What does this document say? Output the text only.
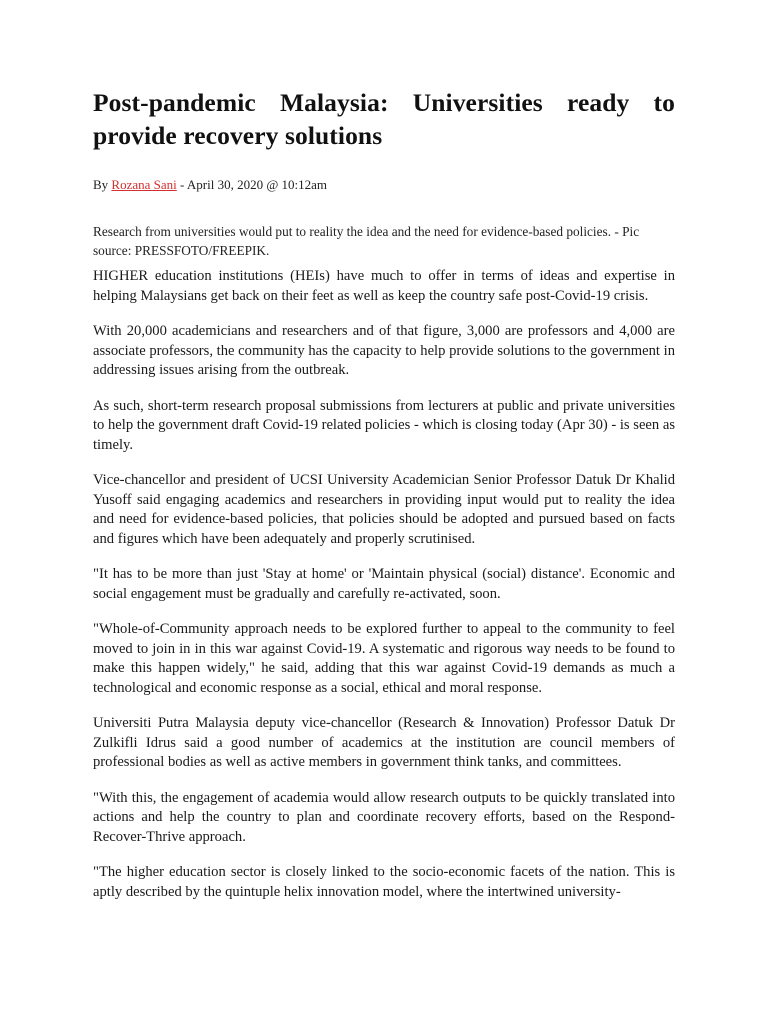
Post-pandemic Malaysia: Universities ready to provide recovery solutions
By Rozana Sani - April 30, 2020 @ 10:12am
Research from universities would put to reality the idea and the need for evidence-based policies. - Pic source: PRESSFOTO/FREEPIK.

HIGHER education institutions (HEIs) have much to offer in terms of ideas and expertise in helping Malaysians get back on their feet as well as keep the country safe post-Covid-19 crisis.

With 20,000 academicians and researchers and of that figure, 3,000 are professors and 4,000 are associate professors, the community has the capacity to help provide solutions to the government in addressing issues arising from the outbreak.

As such, short-term research proposal submissions from lecturers at public and private universities to help the government draft Covid-19 related policies - which is closing today (Apr 30) - is seen as timely.

Vice-chancellor and president of UCSI University Academician Senior Professor Datuk Dr Khalid Yusoff said engaging academics and researchers in providing input would put to reality the idea and need for evidence-based policies, that policies should be adopted and pursued based on facts and figures which have been adequately and properly scrutinised.

"It has to be more than just 'Stay at home' or 'Maintain physical (social) distance'. Economic and social engagement must be gradually and carefully re-activated, soon.

"Whole-of-Community approach needs to be explored further to appeal to the community to feel moved to join in in this war against Covid-19. A systematic and rigorous way needs to be found to make this happen widely," he said, adding that this war against Covid-19 demands as much a technological and economic response as a social, ethical and moral response.

Universiti Putra Malaysia deputy vice-chancellor (Research & Innovation) Professor Datuk Dr Zulkifli Idrus said a good number of academics at the institution are council members of professional bodies as well as active members in government think tanks, and committees.

"With this, the engagement of academia would allow research outputs to be quickly translated into actions and help the country to plan and coordinate recovery efforts, based on the Respond-Recover-Thrive approach.

"The higher education sector is closely linked to the socio-economic facets of the nation. This is aptly described by the quintuple helix innovation model, where the intertwined university-
